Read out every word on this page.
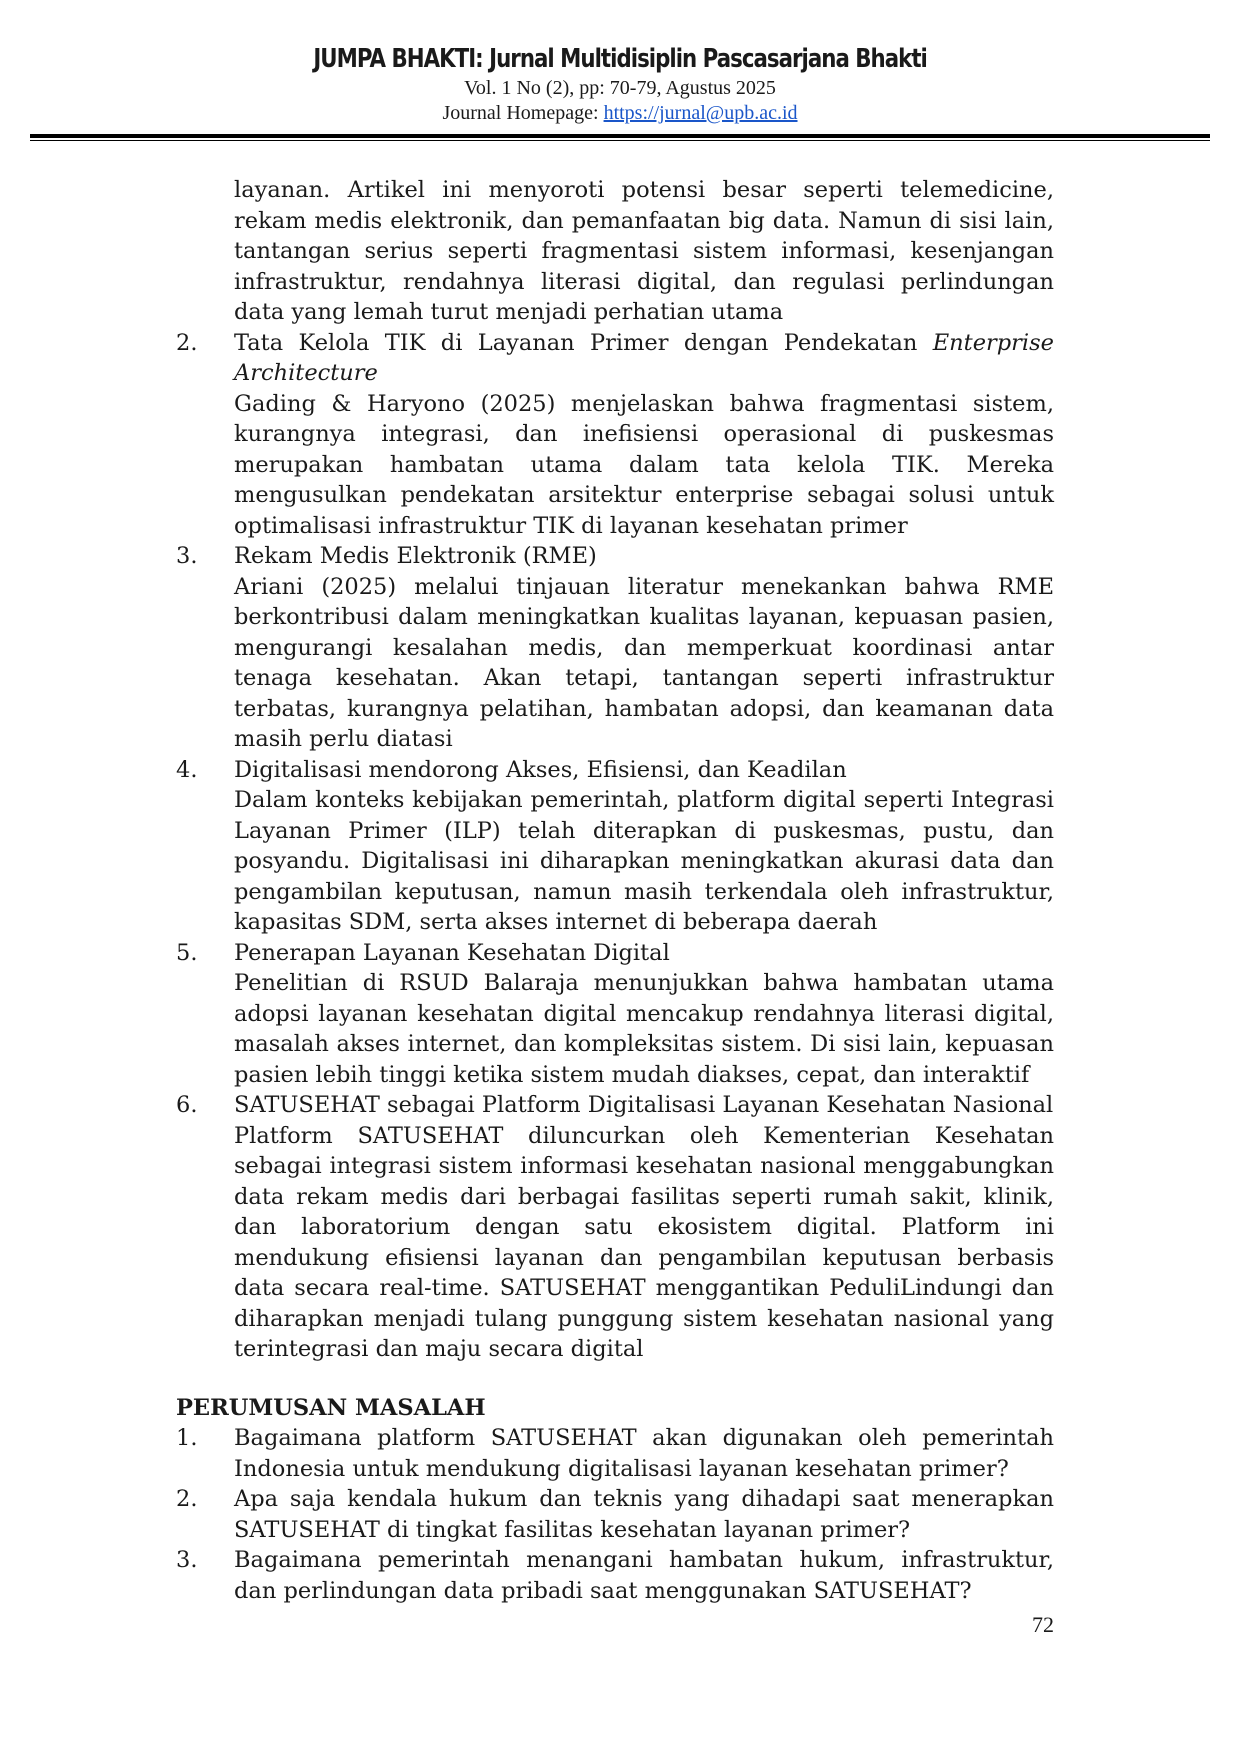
JUMPA BHAKTI: Jurnal Multidisiplin Pascasarjana Bhakti
Vol. 1 No (2), pp: 70-79, Agustus 2025
Journal Homepage: https://jurnal@upb.ac.id
layanan. Artikel ini menyoroti potensi besar seperti telemedicine, rekam medis elektronik, dan pemanfaatan big data. Namun di sisi lain, tantangan serius seperti fragmentasi sistem informasi, kesenjangan infrastruktur, rendahnya literasi digital, dan regulasi perlindungan data yang lemah turut menjadi perhatian utama
2. Tata Kelola TIK di Layanan Primer dengan Pendekatan Enterprise Architecture
Gading & Haryono (2025) menjelaskan bahwa fragmentasi sistem, kurangnya integrasi, dan inefisiensi operasional di puskesmas merupakan hambatan utama dalam tata kelola TIK. Mereka mengusulkan pendekatan arsitektur enterprise sebagai solusi untuk optimalisasi infrastruktur TIK di layanan kesehatan primer
3. Rekam Medis Elektronik (RME)
Ariani (2025) melalui tinjauan literatur menekankan bahwa RME berkontribusi dalam meningkatkan kualitas layanan, kepuasan pasien, mengurangi kesalahan medis, dan memperkuat koordinasi antar tenaga kesehatan. Akan tetapi, tantangan seperti infrastruktur terbatas, kurangnya pelatihan, hambatan adopsi, dan keamanan data masih perlu diatasi
4. Digitalisasi mendorong Akses, Efisiensi, dan Keadilan
Dalam konteks kebijakan pemerintah, platform digital seperti Integrasi Layanan Primer (ILP) telah diterapkan di puskesmas, pustu, dan posyandu. Digitalisasi ini diharapkan meningkatkan akurasi data dan pengambilan keputusan, namun masih terkendala oleh infrastruktur, kapasitas SDM, serta akses internet di beberapa daerah
5. Penerapan Layanan Kesehatan Digital
Penelitian di RSUD Balaraja menunjukkan bahwa hambatan utama adopsi layanan kesehatan digital mencakup rendahnya literasi digital, masalah akses internet, dan kompleksitas sistem. Di sisi lain, kepuasan pasien lebih tinggi ketika sistem mudah diakses, cepat, dan interaktif
6. SATUSEHAT sebagai Platform Digitalisasi Layanan Kesehatan Nasional
Platform SATUSEHAT diluncurkan oleh Kementerian Kesehatan sebagai integrasi sistem informasi kesehatan nasional menggabungkan data rekam medis dari berbagai fasilitas seperti rumah sakit, klinik, dan laboratorium dengan satu ekosistem digital. Platform ini mendukung efisiensi layanan dan pengambilan keputusan berbasis data secara real-time. SATUSEHAT menggantikan PeduliLindungi dan diharapkan menjadi tulang punggung sistem kesehatan nasional yang terintegrasi dan maju secara digital
PERUMUSAN MASALAH
1. Bagaimana platform SATUSEHAT akan digunakan oleh pemerintah Indonesia untuk mendukung digitalisasi layanan kesehatan primer?
2. Apa saja kendala hukum dan teknis yang dihadapi saat menerapkan SATUSEHAT di tingkat fasilitas kesehatan layanan primer?
3. Bagaimana pemerintah menangani hambatan hukum, infrastruktur, dan perlindungan data pribadi saat menggunakan SATUSEHAT?
72
